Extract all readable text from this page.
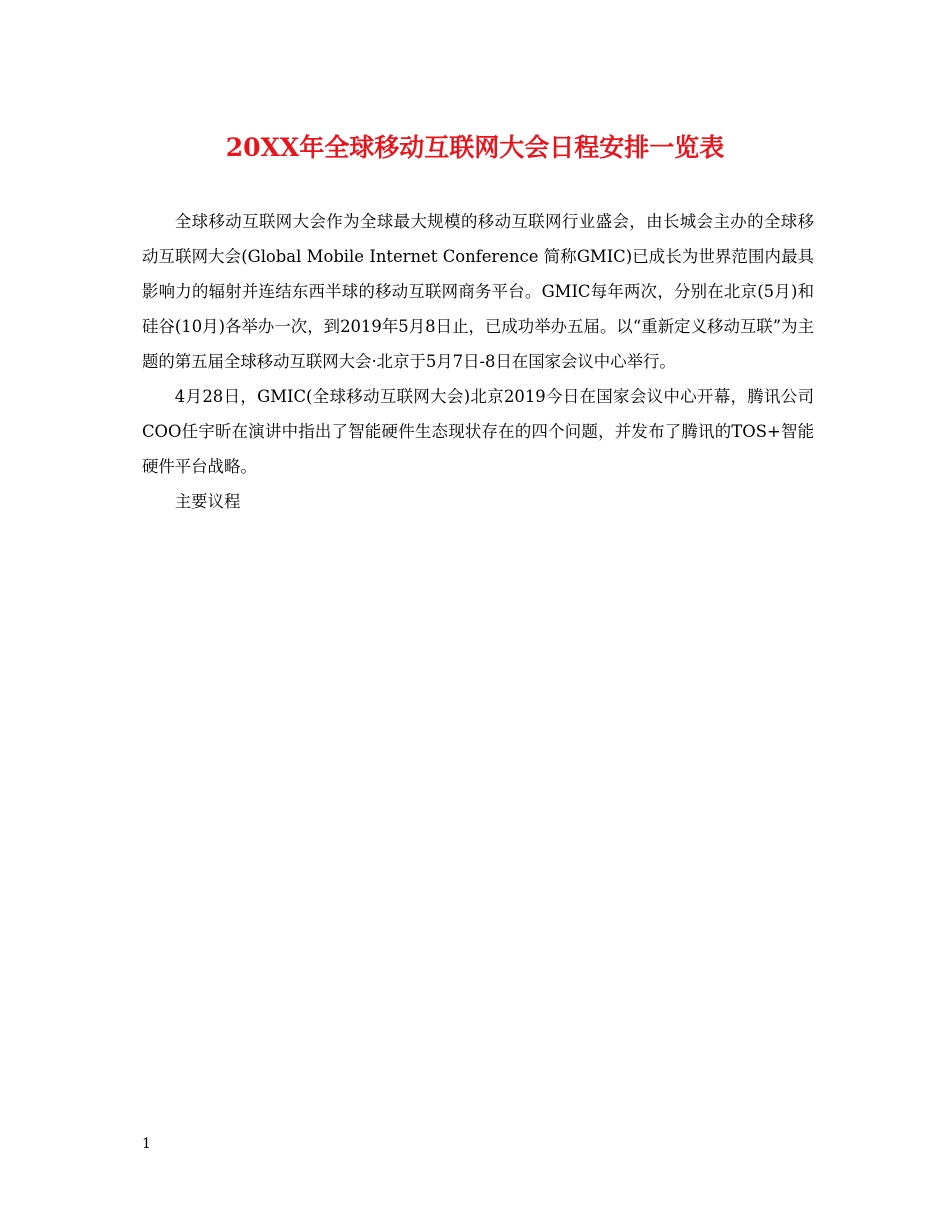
20XX年全球移动互联网大会日程安排一览表

全球移动互联网大会作为全球最大规模的移动互联网行业盛会，由长城会主办的全球移动互联网大会(Global Mobile Internet Conference 简称GMIC)已成长为世界范围内最具影响力的辐射并连结东西半球的移动互联网商务平台。GMIC每年两次，分别在北京(5月)和硅谷(10月)各举办一次，到2019年5月8日止，已成功举办五届。以“重新定义移动互联”为主题的第五届全球移动互联网大会·北京于5月7日-8日在国家会议中心举行。

4月28日，GMIC(全球移动互联网大会)北京2019今日在国家会议中心开幕，腾讯公司COO任宇昕在演讲中指出了智能硬件生态现状存在的四个问题，并发布了腾讯的TOS+智能硬件平台战略。

主要议程

1
